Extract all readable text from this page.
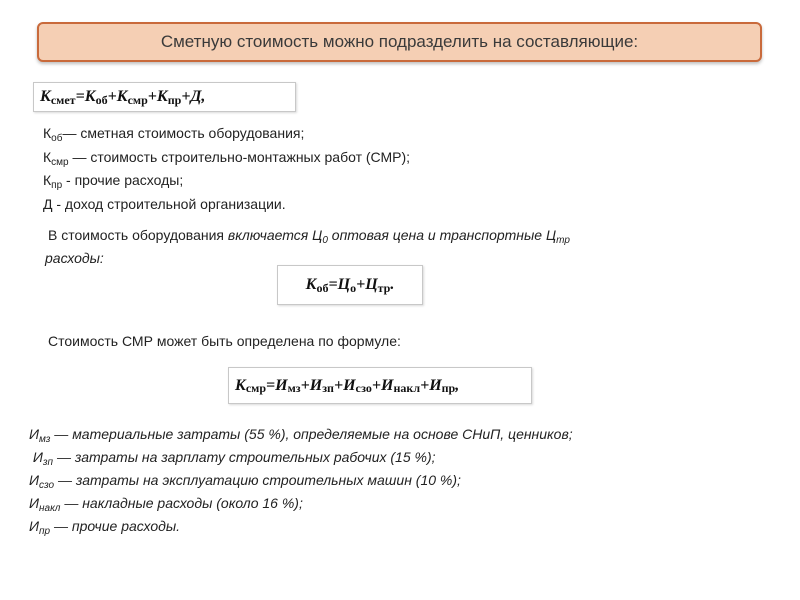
Сметную стоимость можно подразделить на составляющие:
К смет = К об + К смр + К пр + Д,
$К_{об}—$ сметная стоимость оборудования;
$К_{смр}$ — стоимость строительно-монтажных работ (СМР);
$К_{пр}$ - прочие расходы;
Д - доход строительной организации.
В стоимость оборудования включается $Ц_0$ оптовая цена и транспортные $Ц_{тр}$
расходы:
К об = Ц о + Ц тр .
Стоимость СМР может быть определена по формуле:
К смр = И мз + И зп + И сзо + И накл + И пр ,
$И_{мз}$ — материальные затраты (55 %), определяемые на основе СНиП, ценников;
$И_{зп}$ — затраты на зарплату строительных рабочих (15 %);
$И_{сзо}$ — затраты на эксплуатацию строительных машин (10 %);
$И_{накл}$ — накладные расходы (около 16 %);
$И_{пр}$ — прочие расходы.
